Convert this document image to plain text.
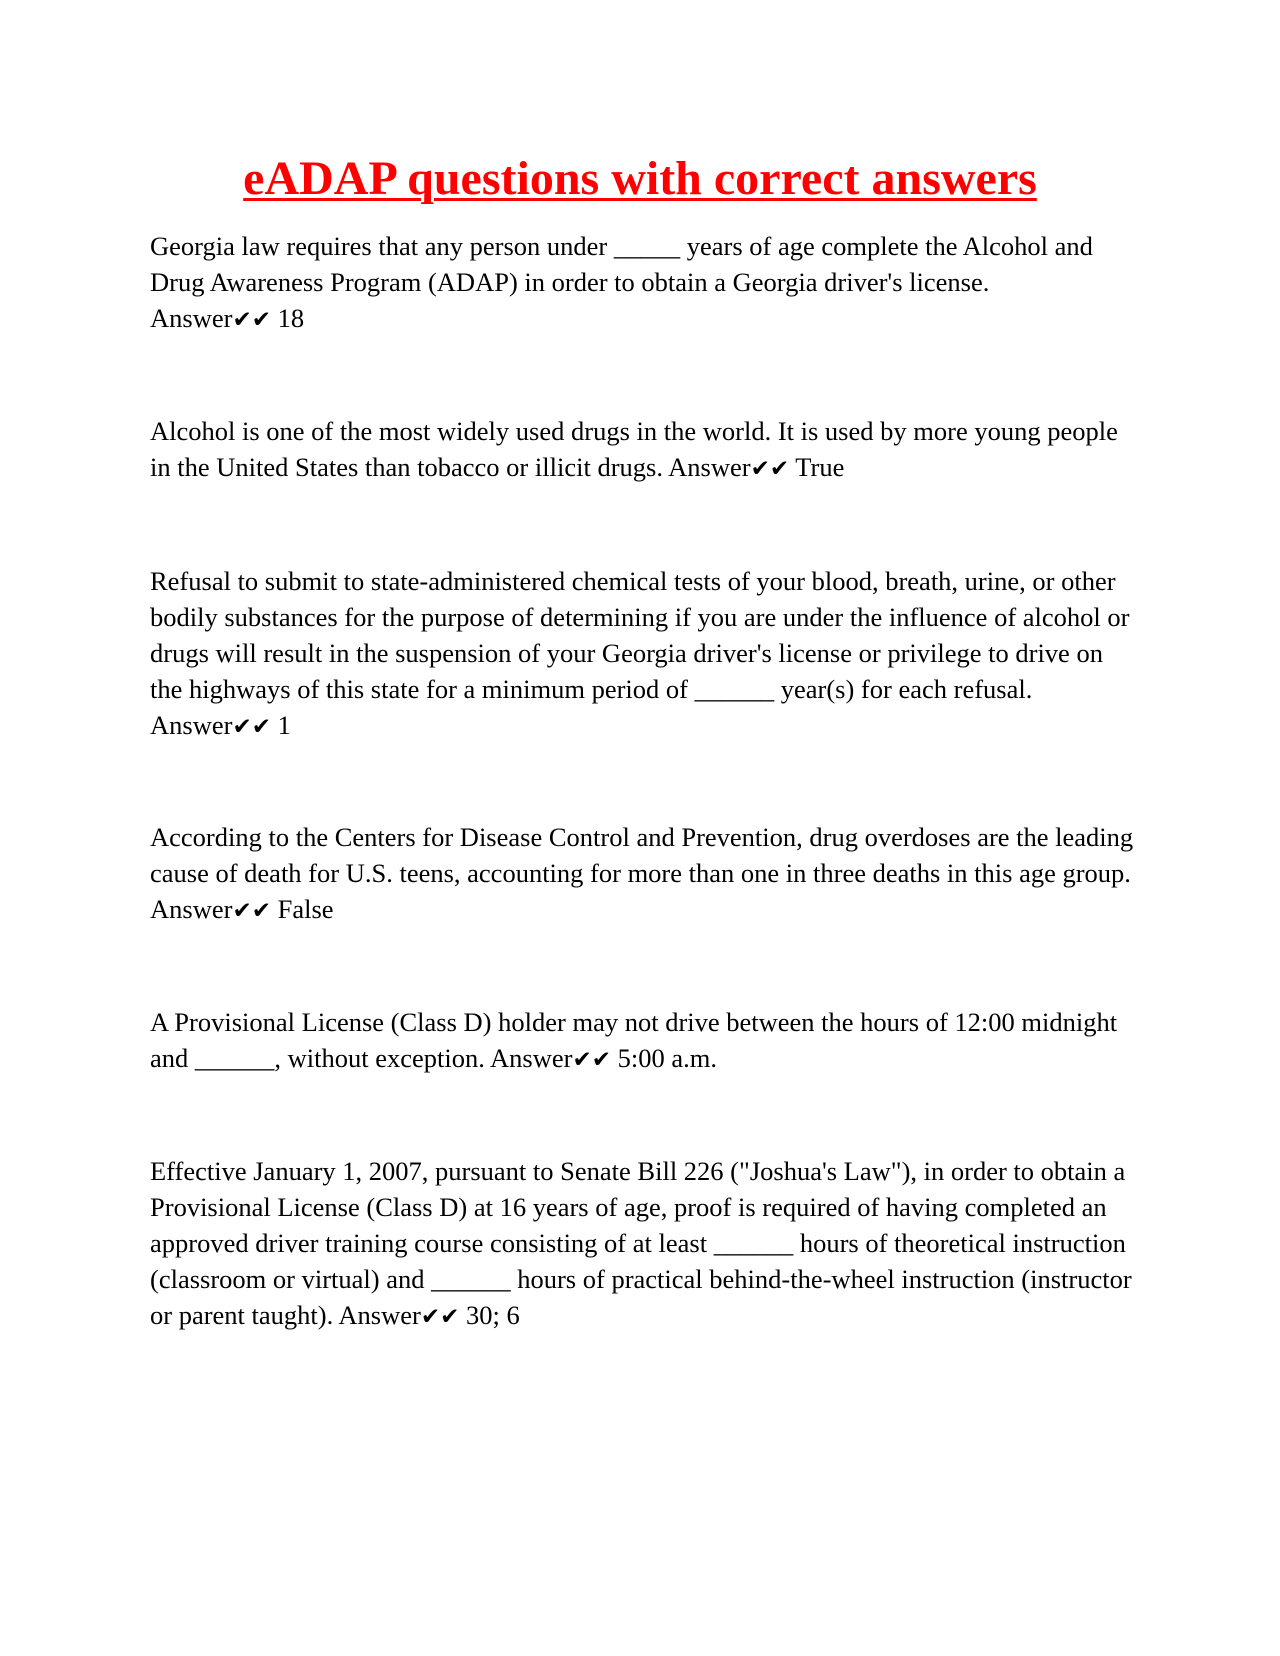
eADAP questions with correct answers

Georgia law requires that any person under _____ years of age complete the Alcohol and Drug Awareness Program (ADAP) in order to obtain a Georgia driver's license.

Answer✔✔ 18

Alcohol is one of the most widely used drugs in the world. It is used by more young people in the United States than tobacco or illicit drugs. Answer✔✔ True

Refusal to submit to state-administered chemical tests of your blood, breath, urine, or other bodily substances for the purpose of determining if you are under the influence of alcohol or drugs will result in the suspension of your Georgia driver's license or privilege to drive on the highways of this state for a minimum period of ______ year(s) for each refusal.

Answer✔✔ 1

According to the Centers for Disease Control and Prevention, drug overdoses are the leading cause of death for U.S. teens, accounting for more than one in three deaths in this age group.

Answer✔✔ False

A Provisional License (Class D) holder may not drive between the hours of 12:00 midnight and ______, without exception. Answer✔✔ 5:00 a.m.

Effective January 1, 2007, pursuant to Senate Bill 226 ("Joshua's Law"), in order to obtain a Provisional License (Class D) at 16 years of age, proof is required of having completed an approved driver training course consisting of at least ______ hours of theoretical instruction (classroom or virtual) and ______ hours of practical behind-the-wheel instruction (instructor or parent taught). Answer✔✔ 30; 6
